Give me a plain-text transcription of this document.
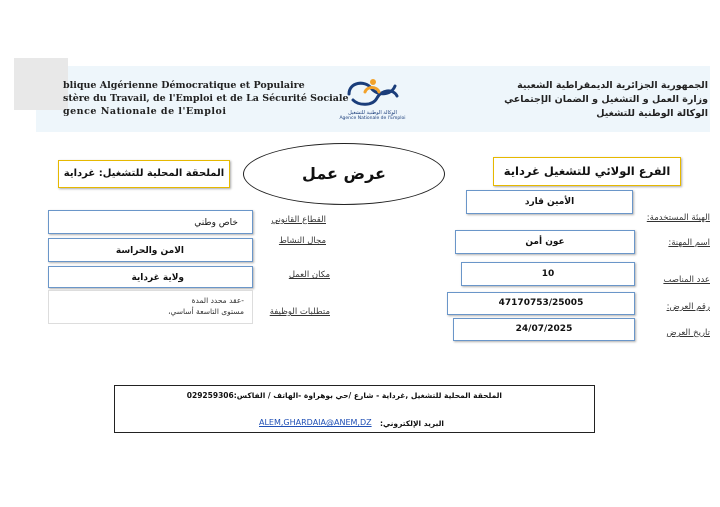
blique Algérienne Démocratique et Populaire
stère du Travail, de l'Emploi et de La Sécurité Sociale
gence Nationale de l'Emploi
الجمهورية الجزائرية الديمقراطية الشعبية
وزارة العمل و التشغيل و الضمان الإجتماعي
الوكالة الوطنية للتشغيل
الوكالة الوطنية للتشغيل
Agence Nationale de l'Emploi
عرض عمل	الفرع الولائي للتشغيل غرداية
الملحقة المحلية للتشغيل: غرداية
القطاع القانوني
خاص وطني
مجال النشاط
الامن والحراسة
مكان العمل
ولاية غرداية
متطلبات الوظيفة
-عقد محدد المدة
مستوى التاسعة أساسي،
الهيئة المستخدمة:
الأمين قارد
اسم المهنة:
عون أمن
عدد المناصب
10
رقم العرض:
47170753/25005
تاريخ العرض
24/07/2025
الملحقة المحلية للتشغيل ,غرداية - شارع /حي بوهراوة -الهاتف / الفاكس:029259306
البريد الإلكتروني:
ALEM,GHARDAIA@ANEM,DZ
